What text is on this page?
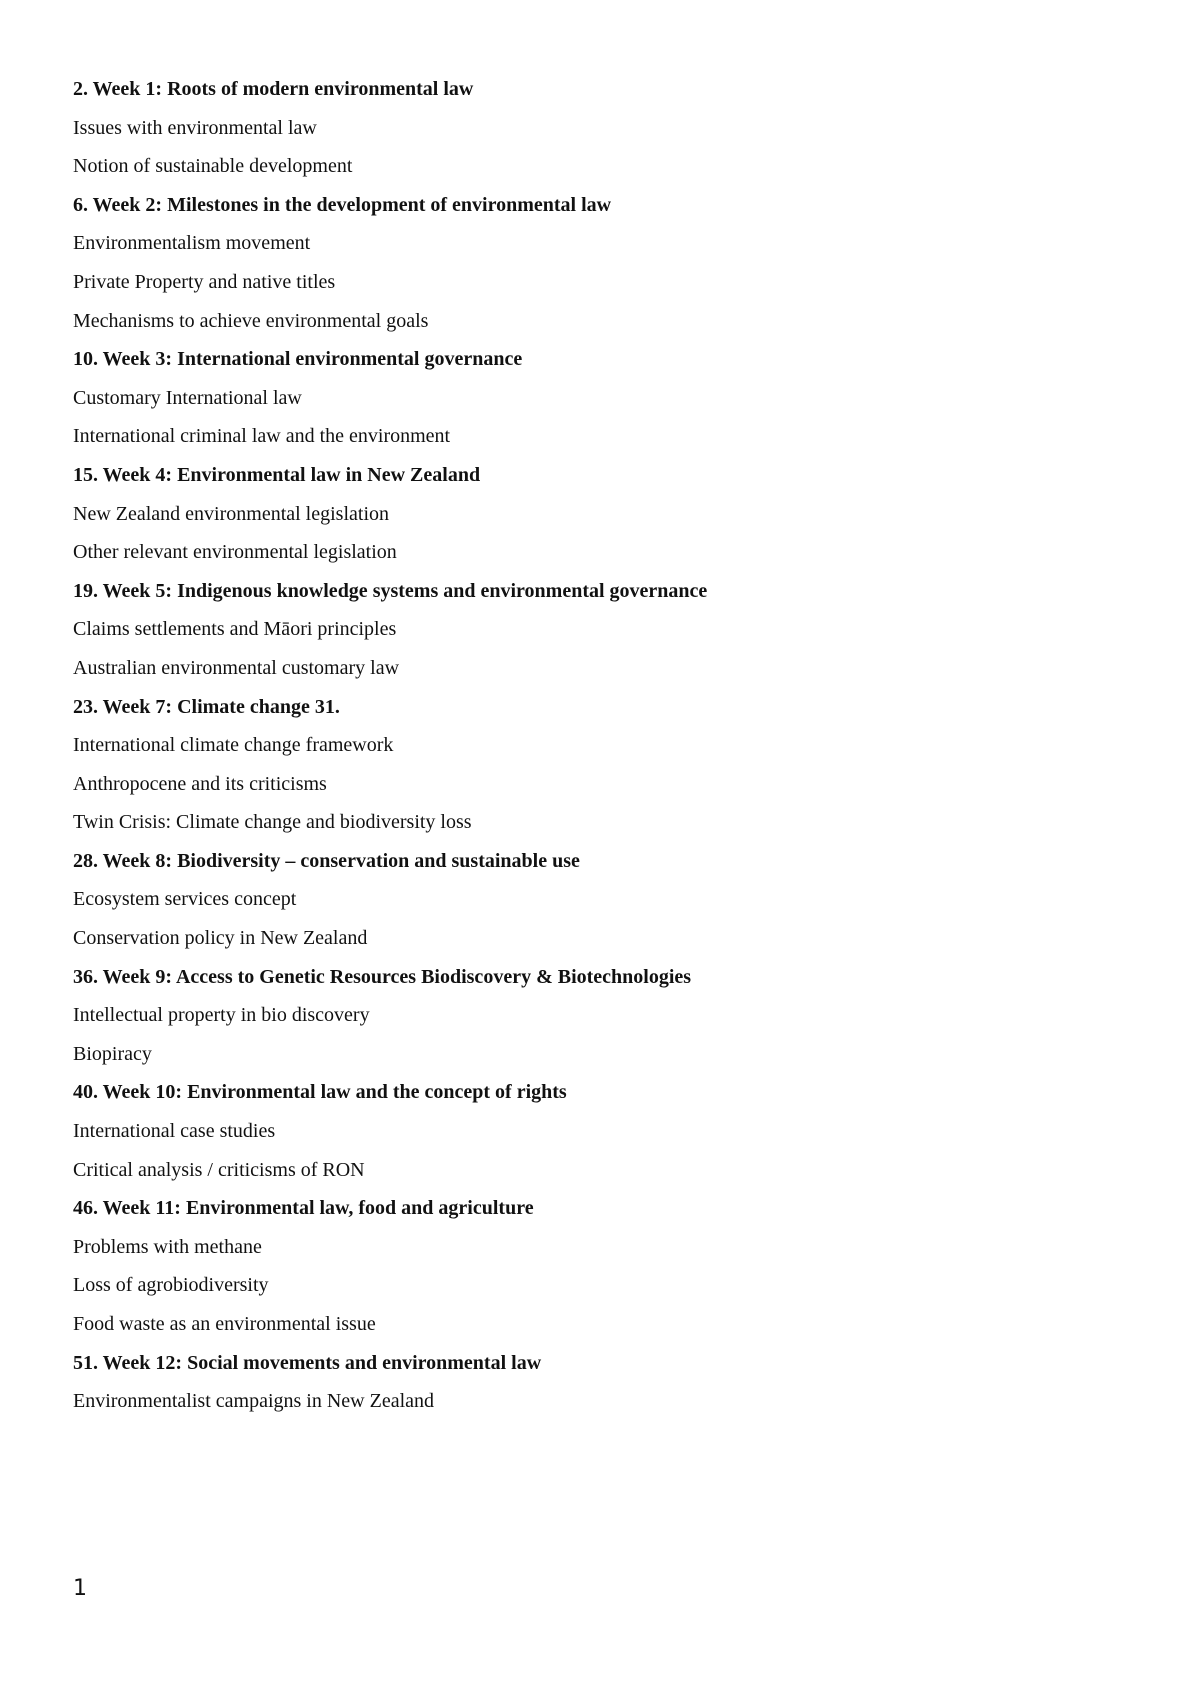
2. Week 1: Roots of modern environmental law
Issues with environmental law
Notion of sustainable development
6. Week 2: Milestones in the development of environmental law
Environmentalism movement
Private Property and native titles
Mechanisms to achieve environmental goals
10. Week 3: International environmental governance
Customary International law
International criminal law and the environment
15. Week 4: Environmental law in New Zealand
New Zealand environmental legislation
Other relevant environmental legislation
19. Week 5: Indigenous knowledge systems and environmental governance
Claims settlements and Māori principles
Australian environmental customary law
23. Week 7: Climate change 31.
International climate change framework
Anthropocene and its criticisms
Twin Crisis: Climate change and biodiversity loss
28. Week 8: Biodiversity – conservation and sustainable use
Ecosystem services concept
Conservation policy in New Zealand
36. Week 9: Access to Genetic Resources Biodiscovery & Biotechnologies
Intellectual property in bio discovery
Biopiracy
40. Week 10: Environmental law and the concept of rights
International case studies
Critical analysis / criticisms of RON
46. Week 11: Environmental law, food and agriculture
Problems with methane
Loss of agrobiodiversity
Food waste as an environmental issue
51. Week 12: Social movements and environmental law
Environmentalist campaigns in New Zealand
1
